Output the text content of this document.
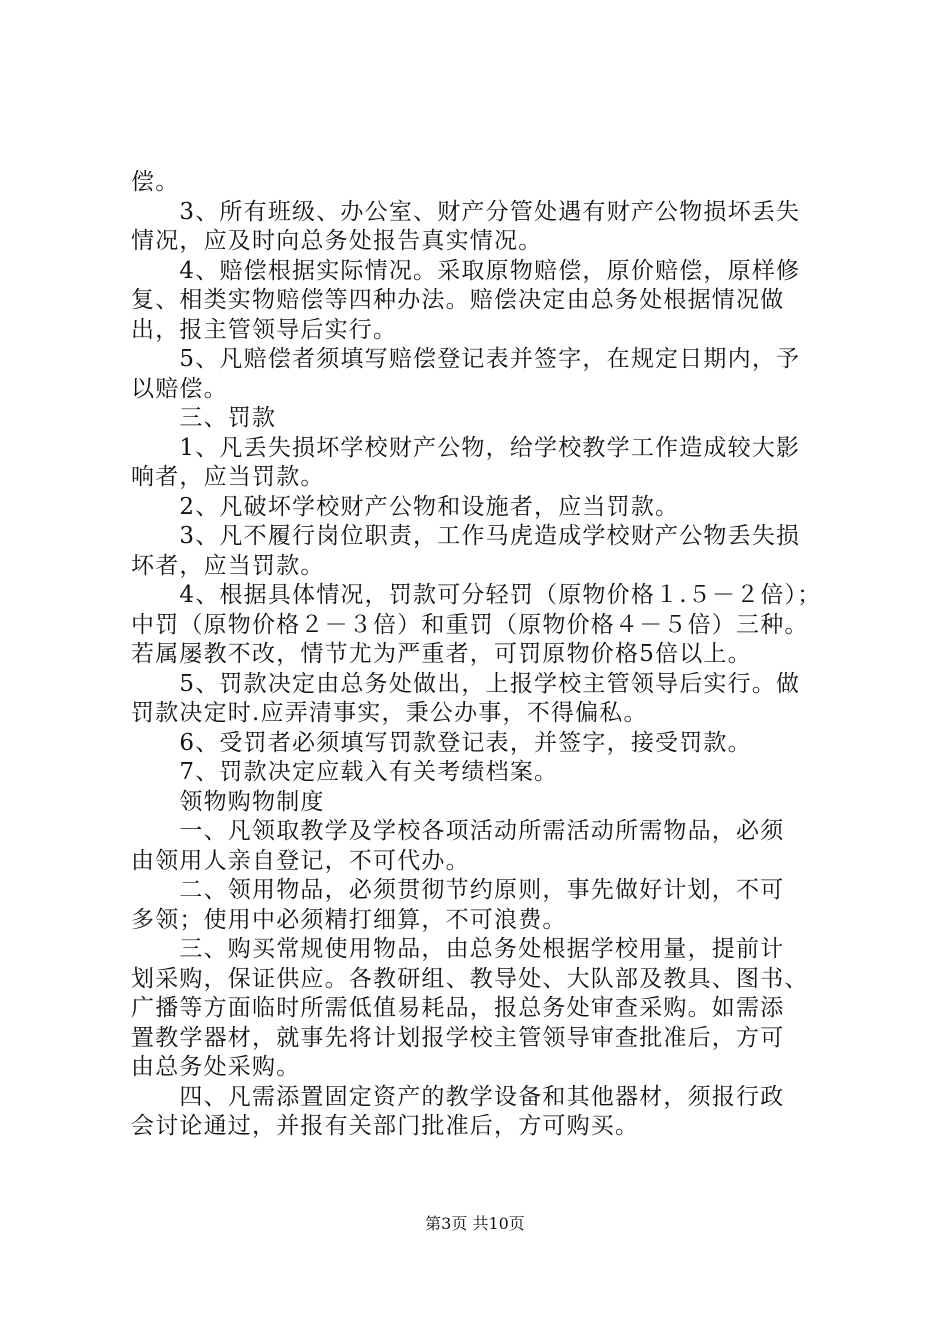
偿。
　　3、所有班级、办公室、财产分管处遇有财产公物损坏丢失
情况，应及时向总务处报告真实情况。
　　4、赔偿根据实际情况。采取原物赔偿，原价赔偿，原样修
复、相类实物赔偿等四种办法。赔偿决定由总务处根据情况做
出，报主管领导后实行。
　　5、凡赔偿者须填写赔偿登记表并签字，在规定日期内，予
以赔偿。
　　三、罚款
　　1、凡丢失损坏学校财产公物，给学校教学工作造成较大影
响者，应当罚款。
　　2、凡破坏学校财产公物和设施者，应当罚款。
　　3、凡不履行岗位职责，工作马虎造成学校财产公物丢失损
坏者，应当罚款。
　　4、根据具体情况，罚款可分轻罚（原物价格１.５－２倍）；
中罚（原物价格２－３倍）和重罚（原物价格４－５倍）三种。
若属屡教不改，情节尤为严重者，可罚原物价格5倍以上。
　　5、罚款决定由总务处做出，上报学校主管领导后实行。做
罚款决定时.应弄清事实，秉公办事，不得偏私。
　　6、受罚者必须填写罚款登记表，并签字，接受罚款。
　　7、罚款决定应载入有关考绩档案。
　　领物购物制度
　　一、凡领取教学及学校各项活动所需活动所需物品，必须
由领用人亲自登记，不可代办。
　　二、领用物品，必须贯彻节约原则，事先做好计划，不可
多领；使用中必须精打细算，不可浪费。
　　三、购买常规使用物品，由总务处根据学校用量，提前计
划采购，保证供应。各教研组、教导处、大队部及教具、图书、
广播等方面临时所需低值易耗品，报总务处审查采购。如需添
置教学器材，就事先将计划报学校主管领导审查批准后，方可
由总务处采购。
　　四、凡需添置固定资产的教学设备和其他器材，须报行政
会讨论通过，并报有关部门批准后，方可购买。
第3页 共10页
